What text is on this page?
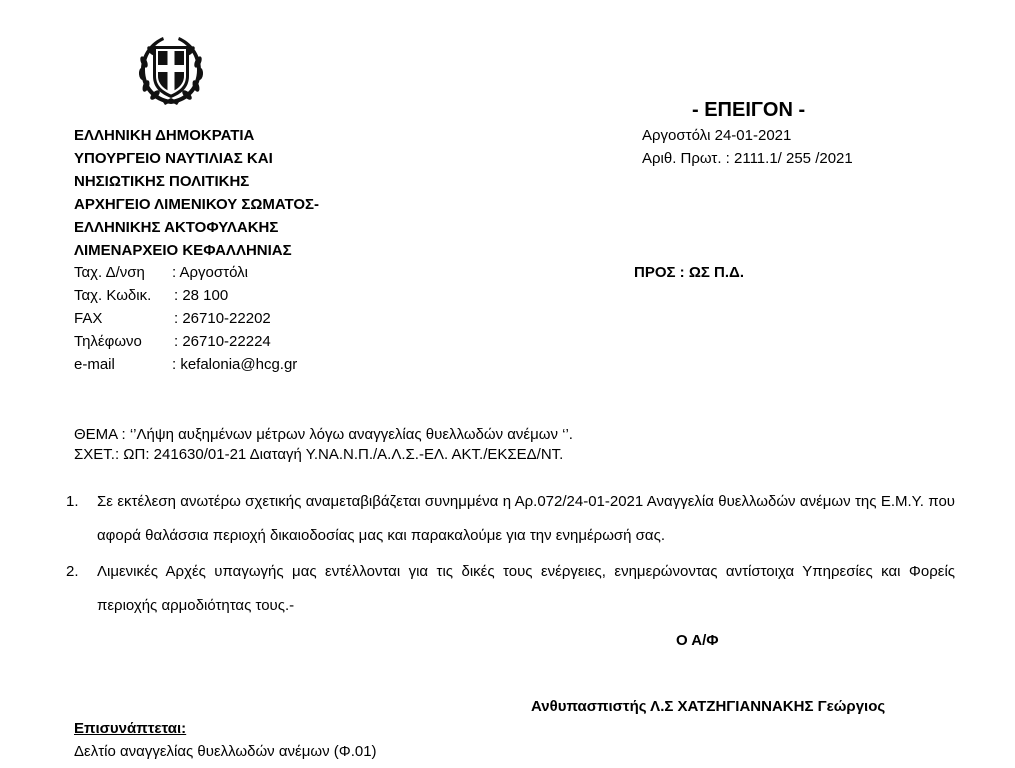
- ΕΠΕΙΓΟΝ -
ΕΛΛΗΝΙΚΗ ΔΗΜΟΚΡΑΤΙΑ
ΥΠΟΥΡΓΕΙΟ ΝΑΥΤΙΛΙΑΣ ΚΑΙ
ΝΗΣΙΩΤΙΚΗΣ ΠΟΛΙΤΙΚΗΣ
ΑΡΧΗΓΕΙΟ ΛΙΜΕΝΙΚΟΥ ΣΩΜΑΤΟΣ-
ΕΛΛΗΝΙΚΗΣ ΑΚΤΟΦΥΛΑΚΗΣ
ΛΙΜΕΝΑΡΧΕΙΟ ΚΕΦΑΛΛΗΝΙΑΣ
Ταχ. Δ/νση : Αργοστόλι
Ταχ. Κωδικ. : 28 100
FAX	: 26710-22202
Τηλέφωνο : 26710-22224
e-mail	: kefalonia@hcg.gr
Αργοστόλι 24-01-2021
Αριθ. Πρωτ. : 2111.1/ 255 /2021
ΠΡΟΣ : ΩΣ Π.Δ.
ΘΕΜΑ : ‘’Λήψη αυξημένων μέτρων λόγω αναγγελίας θυελλωδών ανέμων ‘’.
ΣΧΕΤ.: ΩΠ: 241630/01-21 Διαταγή Υ.ΝΑ.Ν.Π./Α.Λ.Σ.-ΕΛ. ΑΚΤ./ΕΚΣΕΔ/ΝΤ.
1. Σε εκτέλεση ανωτέρω σχετικής αναμεταβιβάζεται συνημμένα η Αρ.072/24-01-2021 Αναγγελία θυελλωδών ανέμων της Ε.Μ.Υ. που αφορά θαλάσσια περιοχή δικαιοδοσίας μας και παρακαλούμε για την ενημέρωσή σας.
2. Λιμενικές Αρχές υπαγωγής μας εντέλλονται για τις δικές τους ενέργειες, ενημερώνοντας αντίστοιχα Υπηρεσίες και Φορείς περιοχής αρμοδιότητας τους.-
Ο Α/Φ
Ανθυπασπιστής Λ.Σ ΧΑΤΖΗΓΙΑΝΝΑΚΗΣ Γεώργιος
Επισυνάπτεται:
Δελτίο αναγγελίας θυελλωδών ανέμων (Φ.01)
